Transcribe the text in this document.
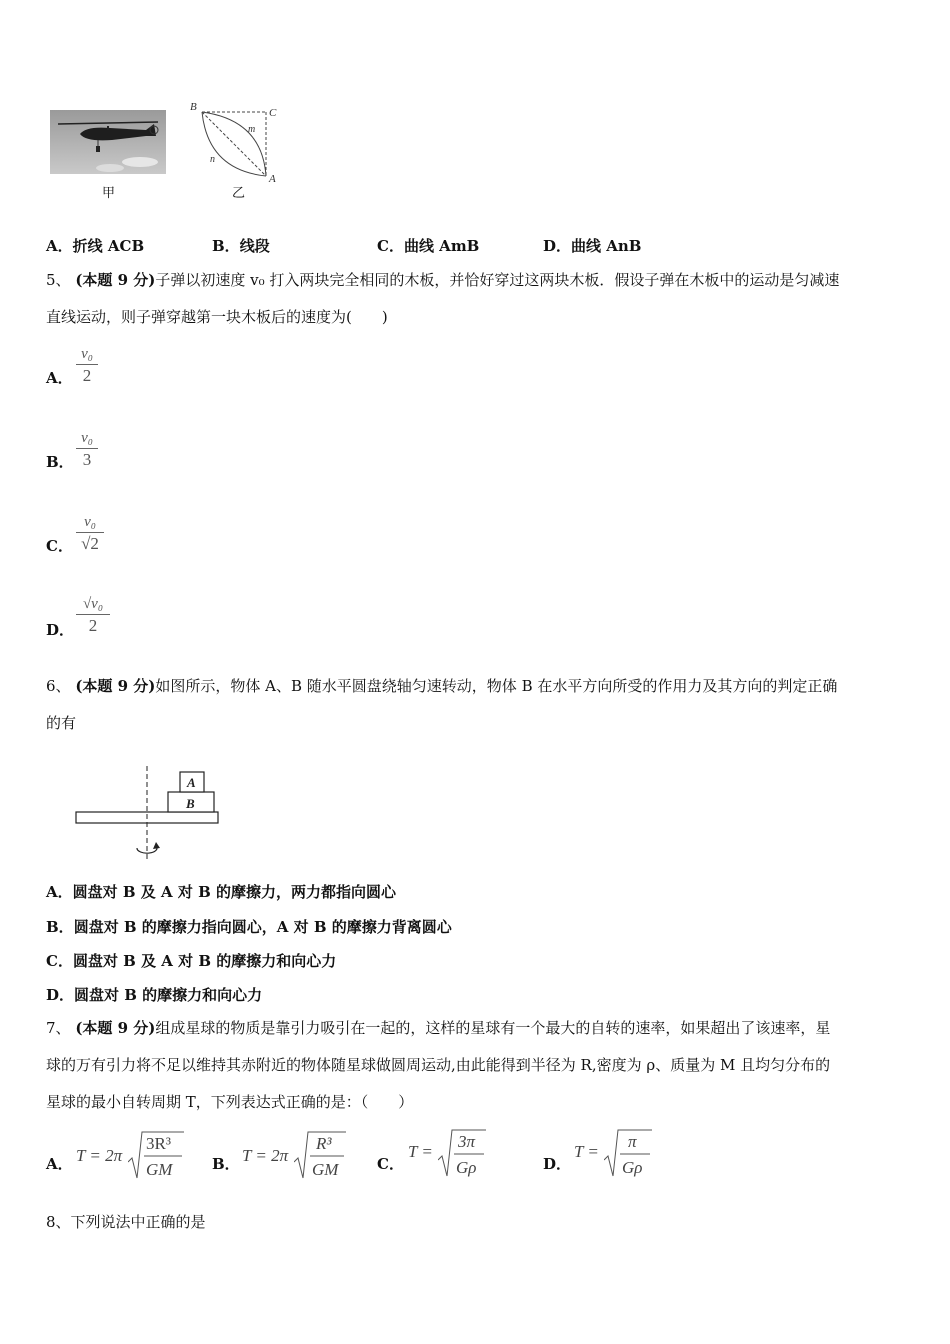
甲
B	C
m
n
A
乙
A．折线 ACB	B．线段	C．曲线 AmB	D．曲线 AnB
5、 (本题 9 分)子弹以初速度 v₀ 打入两块完全相同的木板，并恰好穿过这两块木板．假设子弹在木板中的运动是匀减速
直线运动，则子弹穿越第一块木板后的速度为(　　)
A．
v₀
2
B．
v₀
3
C．
v₀
√2
D．
√v₀
2
6、 (本题 9 分)如图所示，物体 A、B 随水平圆盘绕轴匀速转动，物体 B 在水平方向所受的作用力及其方向的判定正确
的有
A
B
A．圆盘对 B 及 A 对 B 的摩擦力，两力都指向圆心
B．圆盘对 B 的摩擦力指向圆心，A 对 B 的摩擦力背离圆心
C．圆盘对 B 及 A 对 B 的摩擦力和向心力
D．圆盘对 B 的摩擦力和向心力
7、 (本题 9 分)组成星球的物质是靠引力吸引在一起的，这样的星球有一个最大的自转的速率，如果超出了该速率，星
球的万有引力将不足以维持其赤附近的物体随星球做圆周运动,由此能得到半径为 R,密度为 ρ、质量为 M 且均匀分布的
星球的最小自转周期 T，下列表达式正确的是：（　　）
A． T = 2π
3R³
GM	B． T = 2π
R³
GM	C．
T =
3π
Gρ	D．
T =
π
Gρ
8、下列说法中正确的是
